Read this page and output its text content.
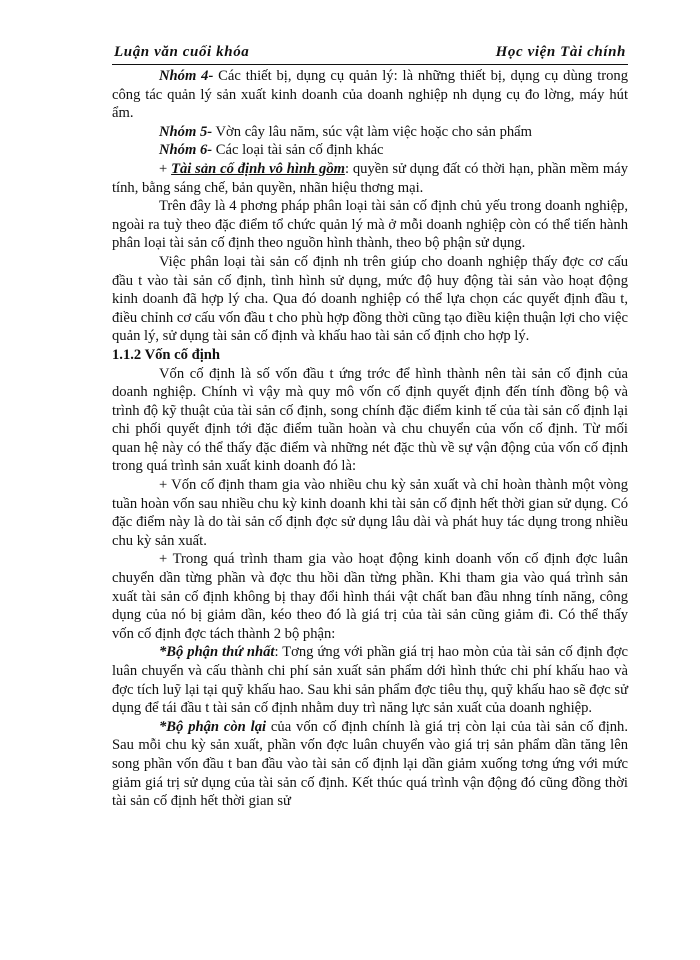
Luận văn cuối khóa	Học viện Tài chính

Nhóm 4- Các thiết bị, dụng cụ quản lý: là những thiết bị, dụng cụ dùng trong công tác quản lý sản xuất kinh doanh của doanh nghiệp nh dụng cụ đo lờng, máy hút ẩm.

Nhóm 5- Vờn cây lâu năm, súc vật làm việc hoặc cho sản phẩm

Nhóm 6- Các loại tài sản cố định khác

+ Tài sản cố định vô hình gồm: quyền sử dụng đất có thời hạn, phần mềm máy tính, bằng sáng chế, bản quyền, nhãn hiệu thơng mại.

Trên đây là 4 phơng pháp phân loại tài sản cố định chủ yếu trong doanh nghiệp, ngoài ra tuỳ theo đặc điểm tổ chức quản lý mà ở mỗi doanh nghiệp còn có thể tiến hành phân loại tài sản cố định theo nguồn hình thành, theo bộ phận sử dụng.

Việc phân loại tài sản cố định nh trên giúp cho doanh nghiệp thấy đợc cơ cấu đầu t vào tài sản cố định, tình hình sử dụng, mức độ huy động tài sản vào hoạt động kinh doanh đã hợp lý cha. Qua đó doanh nghiệp có thể lựa chọn các quyết định đầu t, điều chỉnh cơ cấu vốn đầu t cho phù hợp đồng thời cũng tạo điều kiện thuận lợi cho việc quản lý, sử dụng tài sản cố định và khấu hao tài sản cố định cho hợp lý.

1.1.2 Vốn cố định

Vốn cố định là số vốn đầu t ứng trớc để hình thành nên tài sản cố định của doanh nghiệp. Chính vì vậy mà quy mô vốn cố định quyết định đến tính đồng bộ và trình độ kỹ thuật của tài sản cố định, song chính đặc điểm kinh tế của tài sản cố định lại chi phối quyết định tới đặc điểm tuần hoàn và chu chuyển của vốn cố định. Từ mối quan hệ này có thể thấy đặc điểm và những nét đặc thù về sự vận động của vốn cố định trong quá trình sản xuất kinh doanh đó là:

+ Vốn cố định tham gia vào nhiều chu kỳ sản xuất và chỉ hoàn thành một vòng tuần hoàn vốn sau nhiều chu kỳ kinh doanh khi tài sản cố định hết thời gian sử dụng. Có đặc điểm này là do tài sản cố định đợc sử dụng lâu dài và phát huy tác dụng trong nhiều chu kỳ sản xuất.

+ Trong quá trình tham gia vào hoạt động kinh doanh vốn cố định đợc luân chuyển dần từng phần và đợc thu hồi dần từng phần. Khi tham gia vào quá trình sản xuất tài sản cố định không bị thay đổi hình thái vật chất ban đầu nhng tính năng, công dụng của nó bị giảm dần, kéo theo đó là giá trị của tài sản cũng giảm đi. Có thể thấy vốn cố định đợc tách thành 2 bộ phận:

*Bộ phận thứ nhất: Tơng ứng với phần giá trị hao mòn của tài sản cố định đợc luân chuyển và cấu thành chi phí sản xuất sản phẩm dới hình thức chi phí khấu hao và đợc tích luỹ lại tại quỹ khấu hao. Sau khi sản phẩm đợc tiêu thụ, quỹ khấu hao sẽ đợc sử dụng để tái đầu t tài sản cố định nhằm duy trì năng lực sản xuất của doanh nghiệp.

*Bộ phận còn lại của vốn cố định chính là giá trị còn lại của tài sản cố định. Sau mỗi chu kỳ sản xuất, phần vốn đợc luân chuyển vào giá trị sản phẩm dần tăng lên song phần vốn đầu t ban đầu vào tài sản cố định lại dần giảm xuống tơng ứng với mức giảm giá trị sử dụng của tài sản cố định. Kết thúc quá trình vận động đó cũng đồng thời tài sản cố định hết thời gian sử
